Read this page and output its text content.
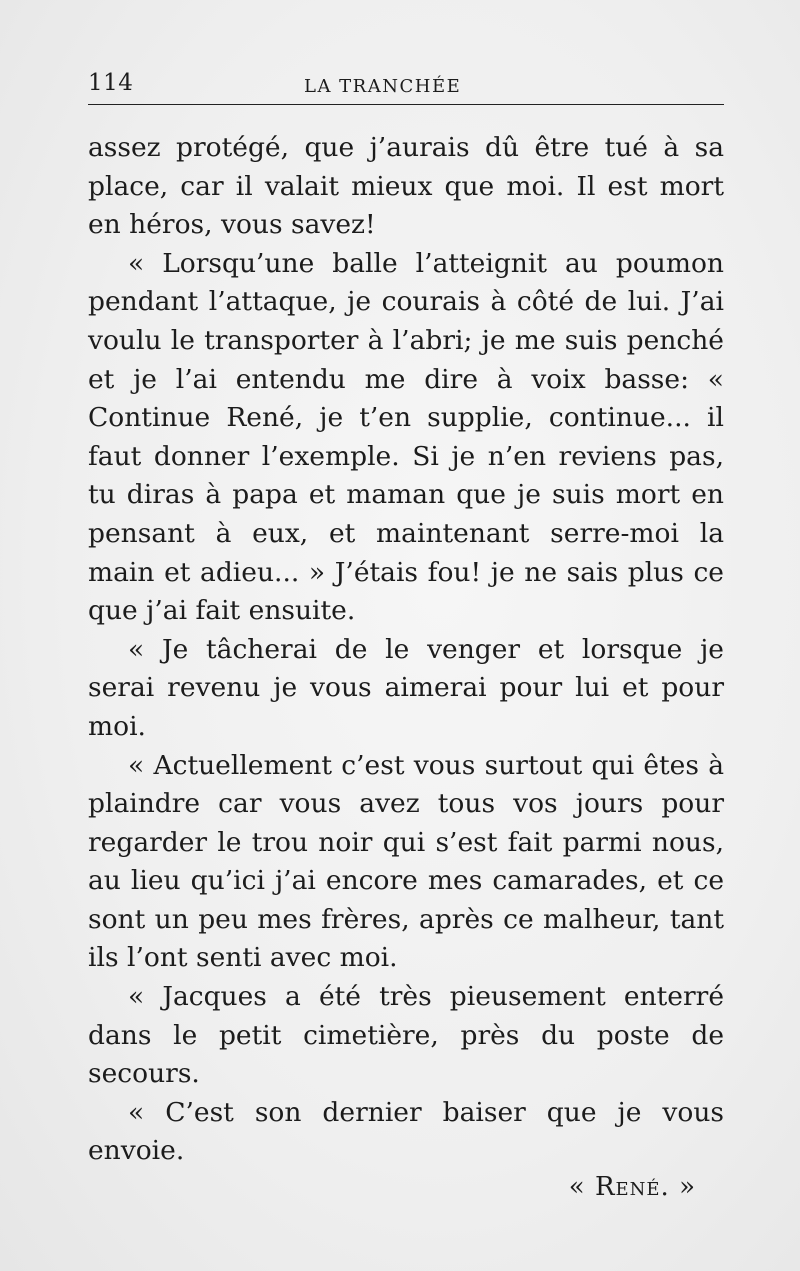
114	LA TRANCHÉE

assez protégé, que j’aurais dû être tué à sa place, car il valait mieux que moi. Il est mort en héros, vous savez!

« Lorsqu’une balle l’atteignit au poumon pendant l’attaque, je courais à côté de lui. J’ai voulu le transporter à l’abri; je me suis penché et je l’ai entendu me dire à voix basse: « Continue René, je t’en supplie, continue... il faut donner l’exemple. Si je n’en reviens pas, tu diras à papa et maman que je suis mort en pensant à eux, et maintenant serre-moi la main et adieu... » J’étais fou! je ne sais plus ce que j’ai fait ensuite.

« Je tâcherai de le venger et lorsque je serai revenu je vous aimerai pour lui et pour moi.

« Actuellement c’est vous surtout qui êtes à plaindre car vous avez tous vos jours pour regarder le trou noir qui s’est fait parmi nous, au lieu qu’ici j’ai encore mes camarades, et ce sont un peu mes frères, après ce malheur, tant ils l’ont senti avec moi.

« Jacques a été très pieusement enterré dans le petit cimetière, près du poste de secours.

« C’est son dernier baiser que je vous envoie.

« René. »
